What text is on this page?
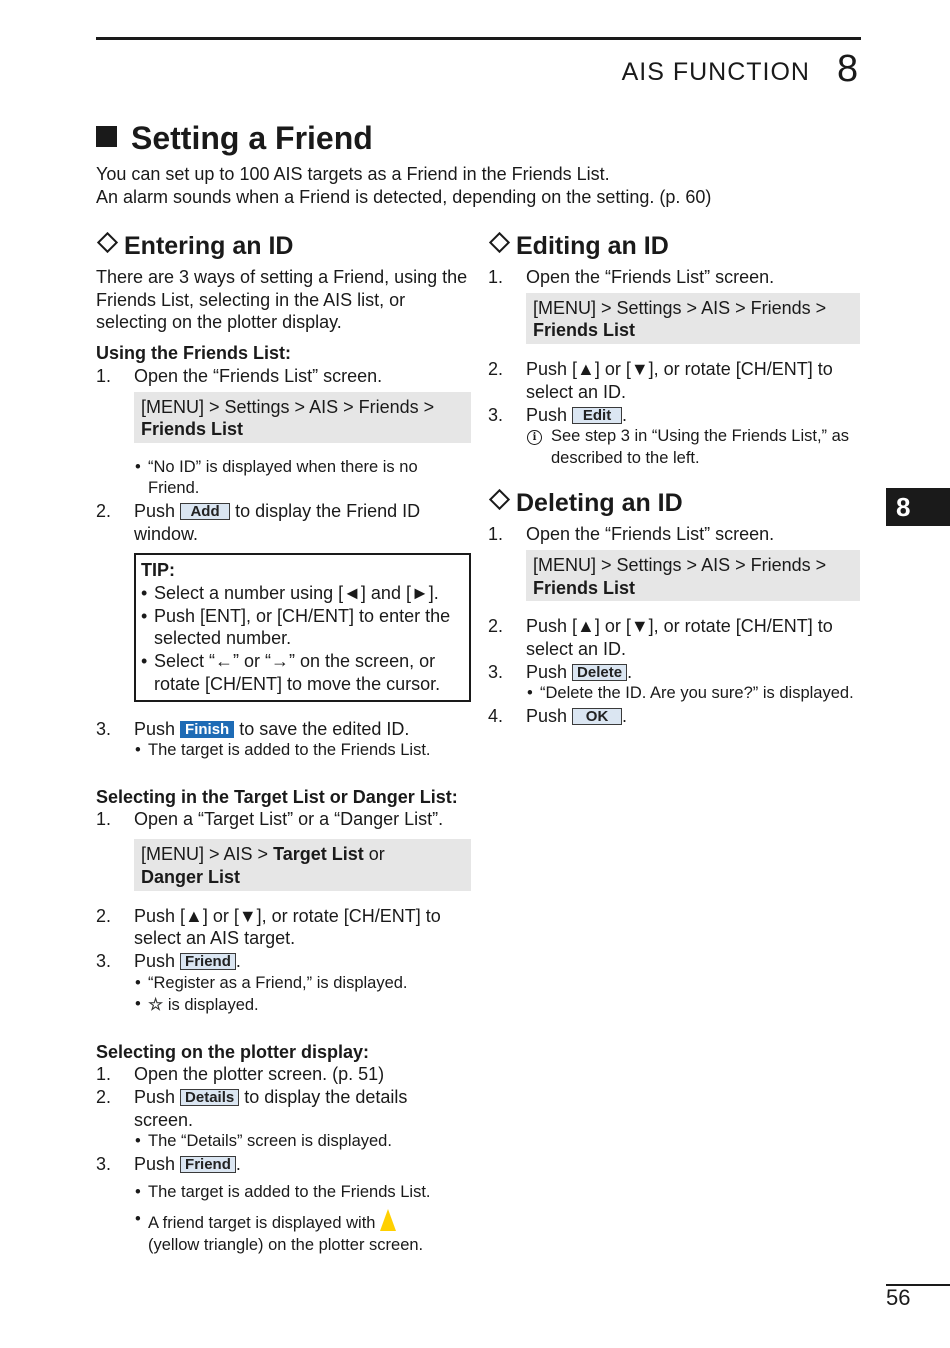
AIS FUNCTION 8
Setting a Friend
You can set up to 100 AIS targets as a Friend in the Friends List.
An alarm sounds when a Friend is detected, depending on the setting. (p. 60)
Entering an ID
There are 3 ways of setting a Friend, using the Friends List, selecting in the AIS list, or selecting on the plotter display.
Using the Friends List:
1. Open the “Friends List” screen.
[MENU] > Settings > AIS > Friends >
Friends List
• “No ID” is displayed when there is no Friend.
2. Push Add to display the Friend ID window.
TIP:
• Select a number using [◄] and [►].
• Push [ENT], or [CH/ENT] to enter the selected number.
• Select “←” or “→” on the screen, or rotate [CH/ENT] to move the cursor.
3. Push Finish to save the edited ID.
• The target is added to the Friends List.
Selecting in the Target List or Danger List:
1. Open a “Target List” or a “Danger List”.
[MENU] > AIS > Target List or
Danger List
2. Push [▲] or [▼], or rotate [CH/ENT] to select an AIS target.
3. Push Friend .
• “Register as a Friend,” is displayed.
• ☆ is displayed.
Selecting on the plotter display:
1. Open the plotter screen. (p. 51)
2. Push Details to display the details screen.
• The “Details” screen is displayed.
3. Push Friend .
• The target is added to the Friends List.
• A friend target is displayed with
(yellow triangle) on the plotter screen.
Editing an ID
1. Open the “Friends List” screen.
[MENU] > Settings > AIS > Friends >
Friends List
2. Push [▲] or [▼], or rotate [CH/ENT] to select an ID.
3. Push Edit .
i See step 3 in “Using the Friends List,” as described to the left.
Deleting an ID
1. Open the “Friends List” screen.
[MENU] > Settings > AIS > Friends >
Friends List
2. Push [▲] or [▼], or rotate [CH/ENT] to select an ID.
3. Push Delete .
• “Delete the ID. Are you sure?” is displayed.
4. Push OK .
8
56
